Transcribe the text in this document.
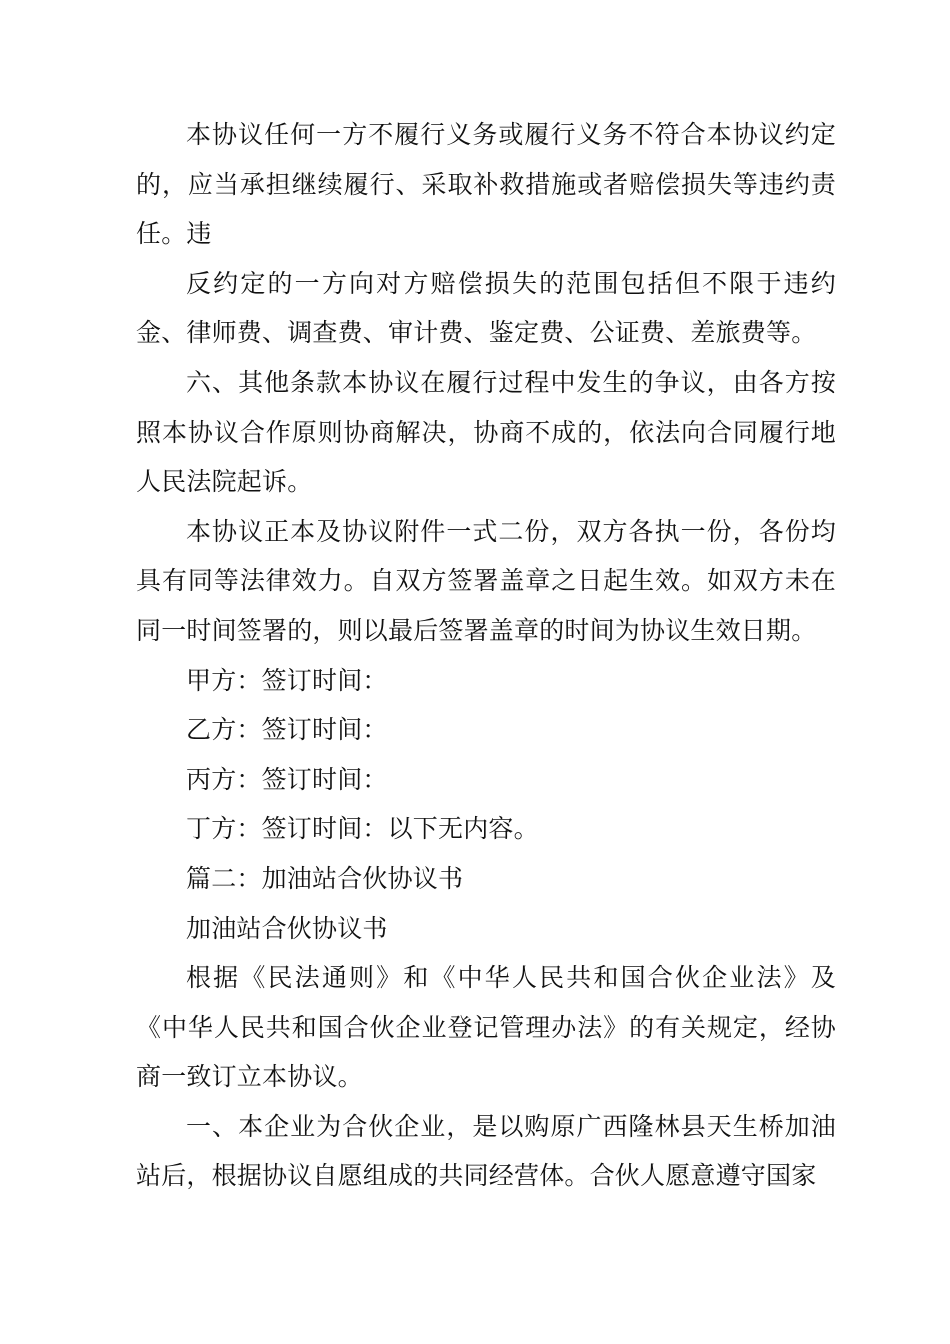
本协议任何一方不履行义务或履行义务不符合本协议约定的，应当承担继续履行、采取补救措施或者赔偿损失等违约责任。违

反约定的一方向对方赔偿损失的范围包括但不限于违约金、律师费、调查费、审计费、鉴定费、公证费、差旅费等。

六、其他条款本协议在履行过程中发生的争议，由各方按照本协议合作原则协商解决，协商不成的，依法向合同履行地人民法院起诉。

本协议正本及协议附件一式二份，双方各执一份，各份均具有同等法律效力。自双方签署盖章之日起生效。如双方未在同一时间签署的，则以最后签署盖章的时间为协议生效日期。

甲方：签订时间：

乙方：签订时间：

丙方：签订时间：

丁方：签订时间：以下无内容。

篇二：加油站合伙协议书

加油站合伙协议书

根据《民法通则》和《中华人民共和国合伙企业法》及《中华人民共和国合伙企业登记管理办法》的有关规定，经协商一致订立本协议。

一、本企业为合伙企业，是以购原广西隆林县天生桥加油站后，根据协议自愿组成的共同经营体。合伙人愿意遵守国家
